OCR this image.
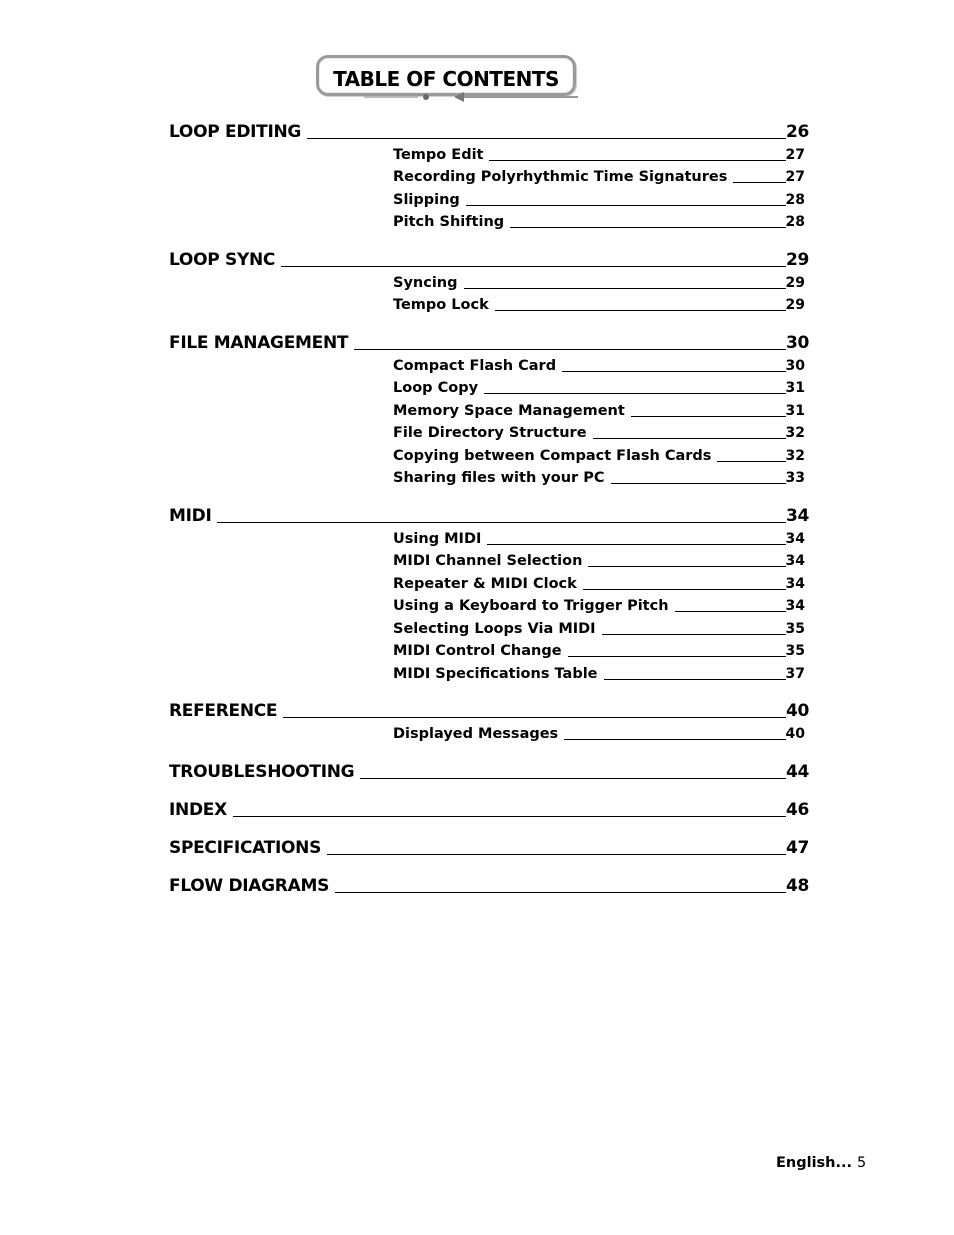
TABLE OF CONTENTS
LOOP EDITING	26
Tempo Edit	27
Recording Polyrhythmic Time Signatures	27
Slipping	28
Pitch Shifting	28
LOOP SYNC	29
Syncing	29
Tempo Lock	29
FILE MANAGEMENT	30
Compact Flash Card	30
Loop Copy	31
Memory Space Management	31
File Directory Structure	32
Copying between Compact Flash Cards	32
Sharing files with your PC	33
MIDI	34
Using MIDI	34
MIDI Channel Selection	34
Repeater & MIDI Clock	34
Using a Keyboard to Trigger Pitch	34
Selecting Loops Via MIDI	35
MIDI Control Change	35
MIDI Specifications Table	37
REFERENCE	40
Displayed Messages	40
TROUBLESHOOTING	44
INDEX	46
SPECIFICATIONS	47
FLOW DIAGRAMS	48
English... 5
